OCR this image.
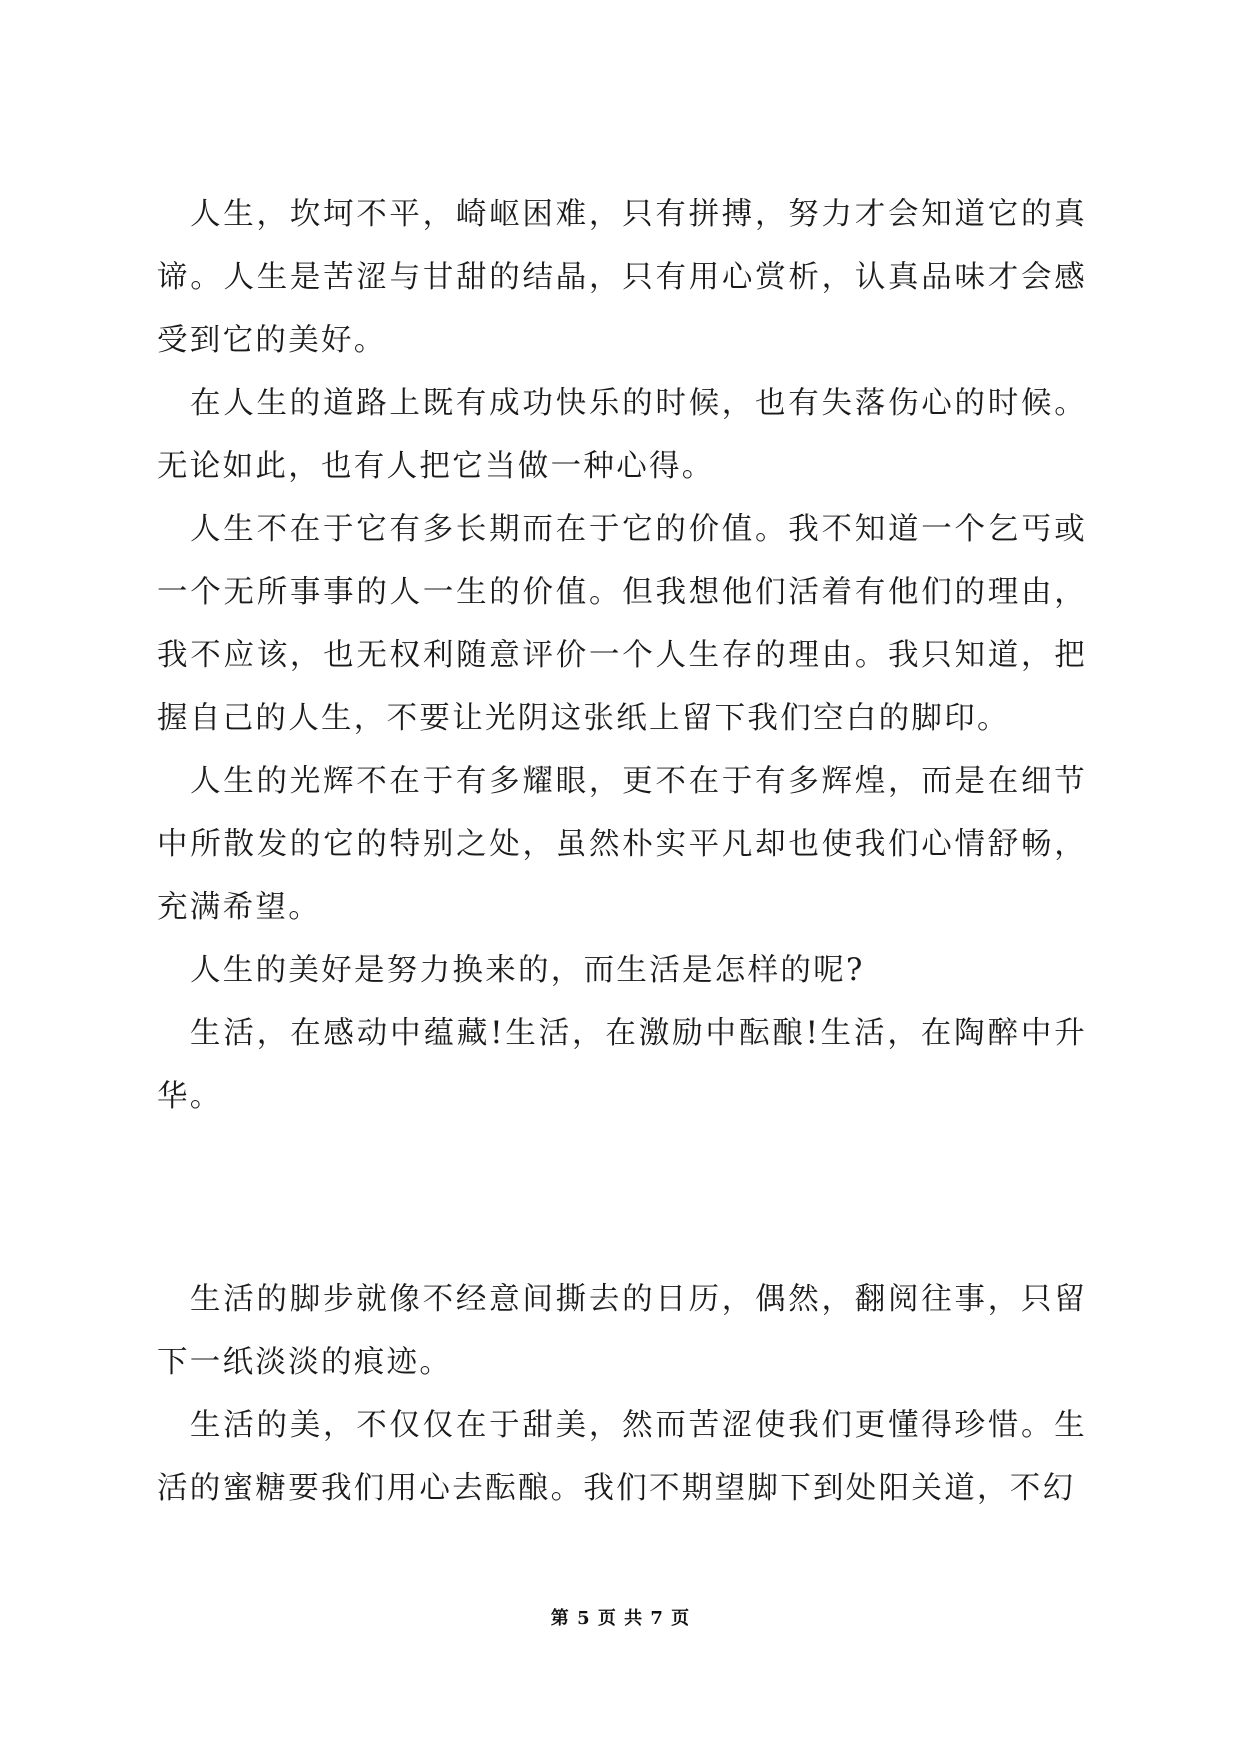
人生，坎坷不平，崎岖困难，只有拼搏，努力才会知道它的真谛。人生是苦涩与甘甜的结晶，只有用心赏析，认真品味才会感受到它的美好。

在人生的道路上既有成功快乐的时候，也有失落伤心的时候。无论如此，也有人把它当做一种心得。

人生不在于它有多长期而在于它的价值。我不知道一个乞丐或一个无所事事的人一生的价值。但我想他们活着有他们的理由，我不应该，也无权利随意评价一个人生存的理由。我只知道，把握自己的人生，不要让光阴这张纸上留下我们空白的脚印。

人生的光辉不在于有多耀眼，更不在于有多辉煌，而是在细节中所散发的它的特别之处，虽然朴实平凡却也使我们心情舒畅，充满希望。

人生的美好是努力换来的，而生活是怎样的呢?

生活，在感动中蕴藏!生活，在激励中酝酿!生活，在陶醉中升华。

生活的脚步就像不经意间撕去的日历，偶然，翻阅往事，只留下一纸淡淡的痕迹。

生活的美，不仅仅在于甜美，然而苦涩使我们更懂得珍惜。生活的蜜糖要我们用心去酝酿。我们不期望脚下到处阳关道，不幻

第 5 页 共 7 页
